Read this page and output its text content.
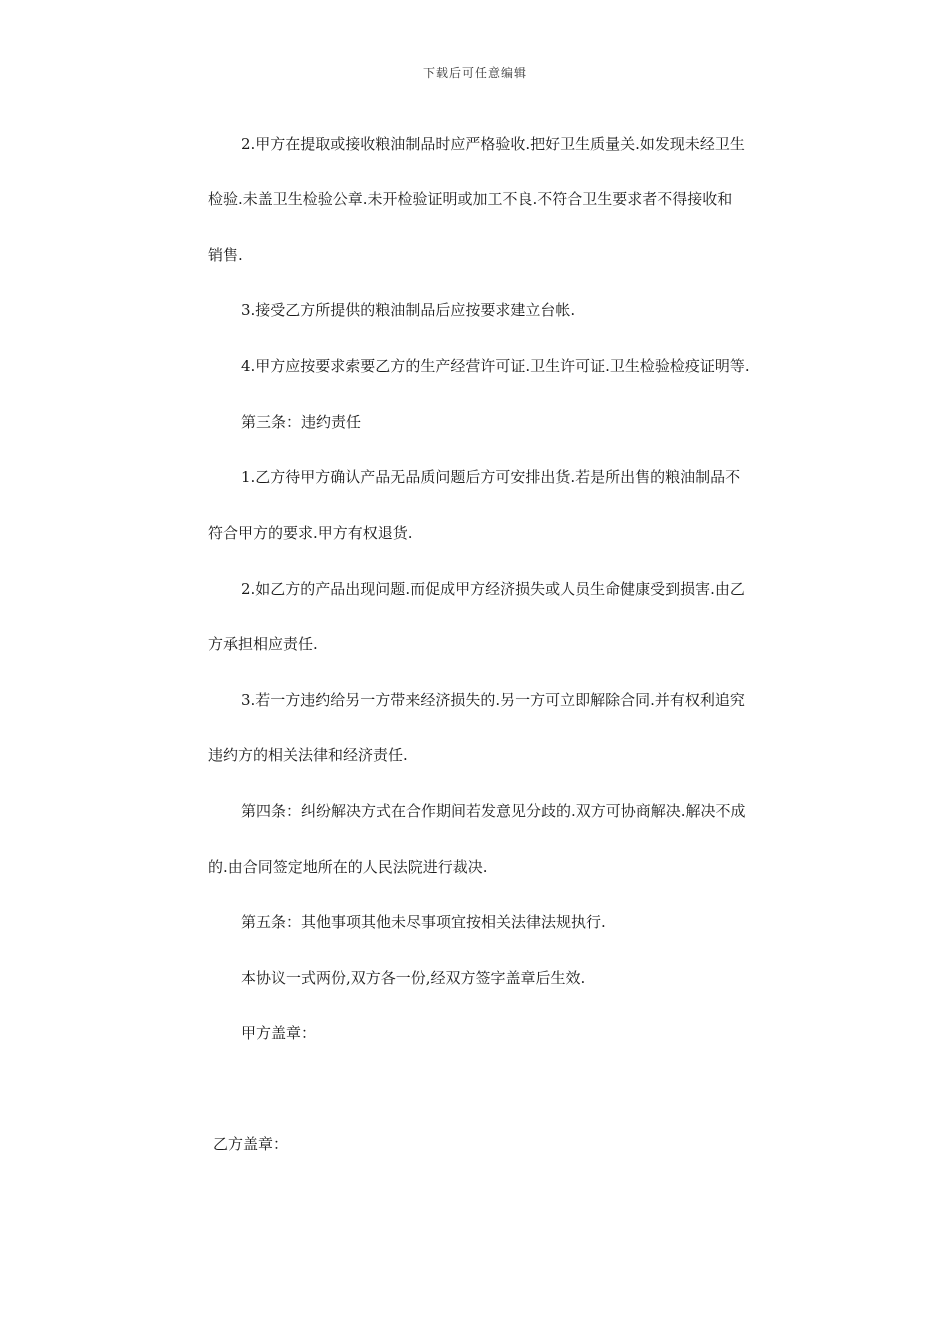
下载后可任意编辑
2.甲方在提取或接收粮油制品时应严格验收.把好卫生质量关.如发现未经卫生
检验.未盖卫生检验公章.未开检验证明或加工不良.不符合卫生要求者不得接收和
销售.
3.接受乙方所提供的粮油制品后应按要求建立台帐.
4.甲方应按要求索要乙方的生产经营许可证.卫生许可证.卫生检验检疫证明等.
第三条：违约责任
1.乙方待甲方确认产品无品质问题后方可安排出货.若是所出售的粮油制品不
符合甲方的要求.甲方有权退货.
2.如乙方的产品出现问题.而促成甲方经济损失或人员生命健康受到损害.由乙
方承担相应责任.
3.若一方违约给另一方带来经济损失的.另一方可立即解除合同.并有权利追究
违约方的相关法律和经济责任.
第四条：纠纷解决方式在合作期间若发意见分歧的.双方可协商解决.解决不成
的.由合同签定地所在的人民法院进行裁决.
第五条：其他事项其他未尽事项宜按相关法律法规执行.
本协议一式两份,双方各一份,经双方签字盖章后生效.
甲方盖章：
乙方盖章：
